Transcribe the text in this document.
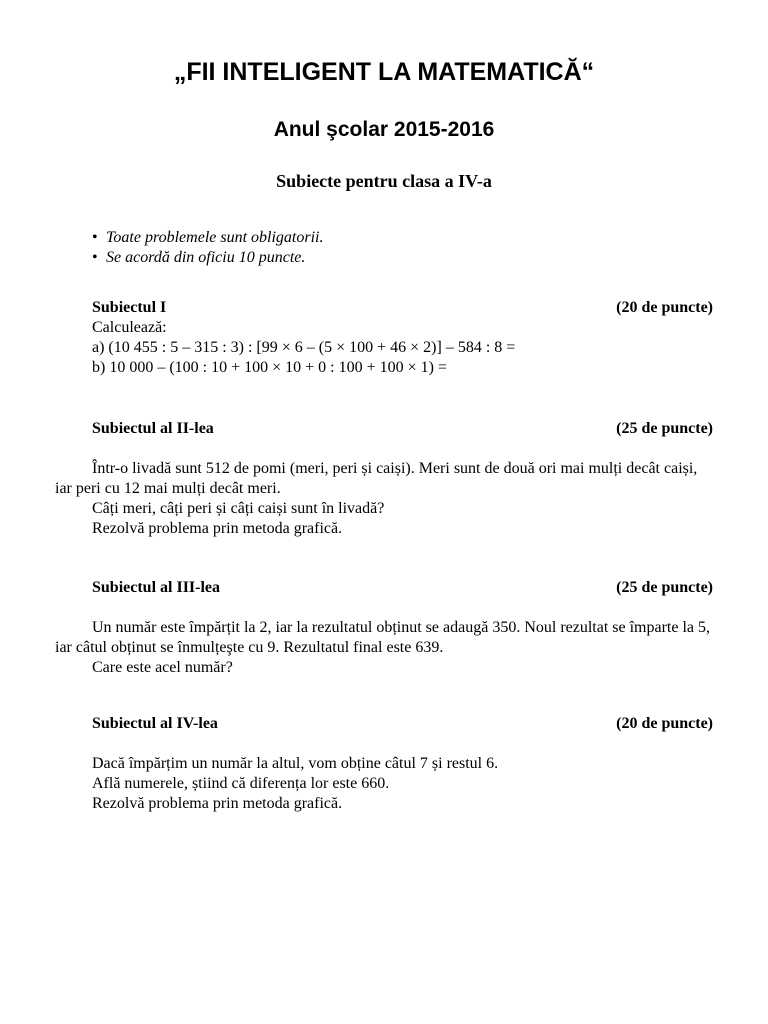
„FII INTELIGENT LA MATEMATICĂ“
Anul şcolar 2015-2016
Subiecte pentru clasa a IV-a
• Toate problemele sunt obligatorii.
• Se acordă din oficiu 10 puncte.
Subiectul I	(20 de puncte)
Calculează:
a) (10 455 : 5 – 315 : 3) : [99 × 6 – (5 × 100 + 46 × 2)] – 584 : 8 =
b) 10 000 – (100 : 10 + 100 × 10 + 0 : 100 + 100 × 1) =
Subiectul al II-lea	(25 de puncte)
Într-o livadă sunt 512 de pomi (meri, peri și caiși). Meri sunt de două ori mai mulți decât caiși, iar peri cu 12 mai mulți decât meri.
Câți meri, câți peri și câți caiși sunt în livadă?
Rezolvă problema prin metoda grafică.
Subiectul al III-lea	(25 de puncte)
Un număr este împărțit la 2, iar la rezultatul obținut se adaugă 350. Noul rezultat se împarte la 5, iar câtul obținut se înmulțeşte cu 9. Rezultatul final este 639.
Care este acel număr?
Subiectul al IV-lea	(20 de puncte)
Dacă împărțim un număr la altul, vom obține câtul 7 și restul 6.
Află numerele, știind că diferența lor este 660.
Rezolvă problema prin metoda grafică.
